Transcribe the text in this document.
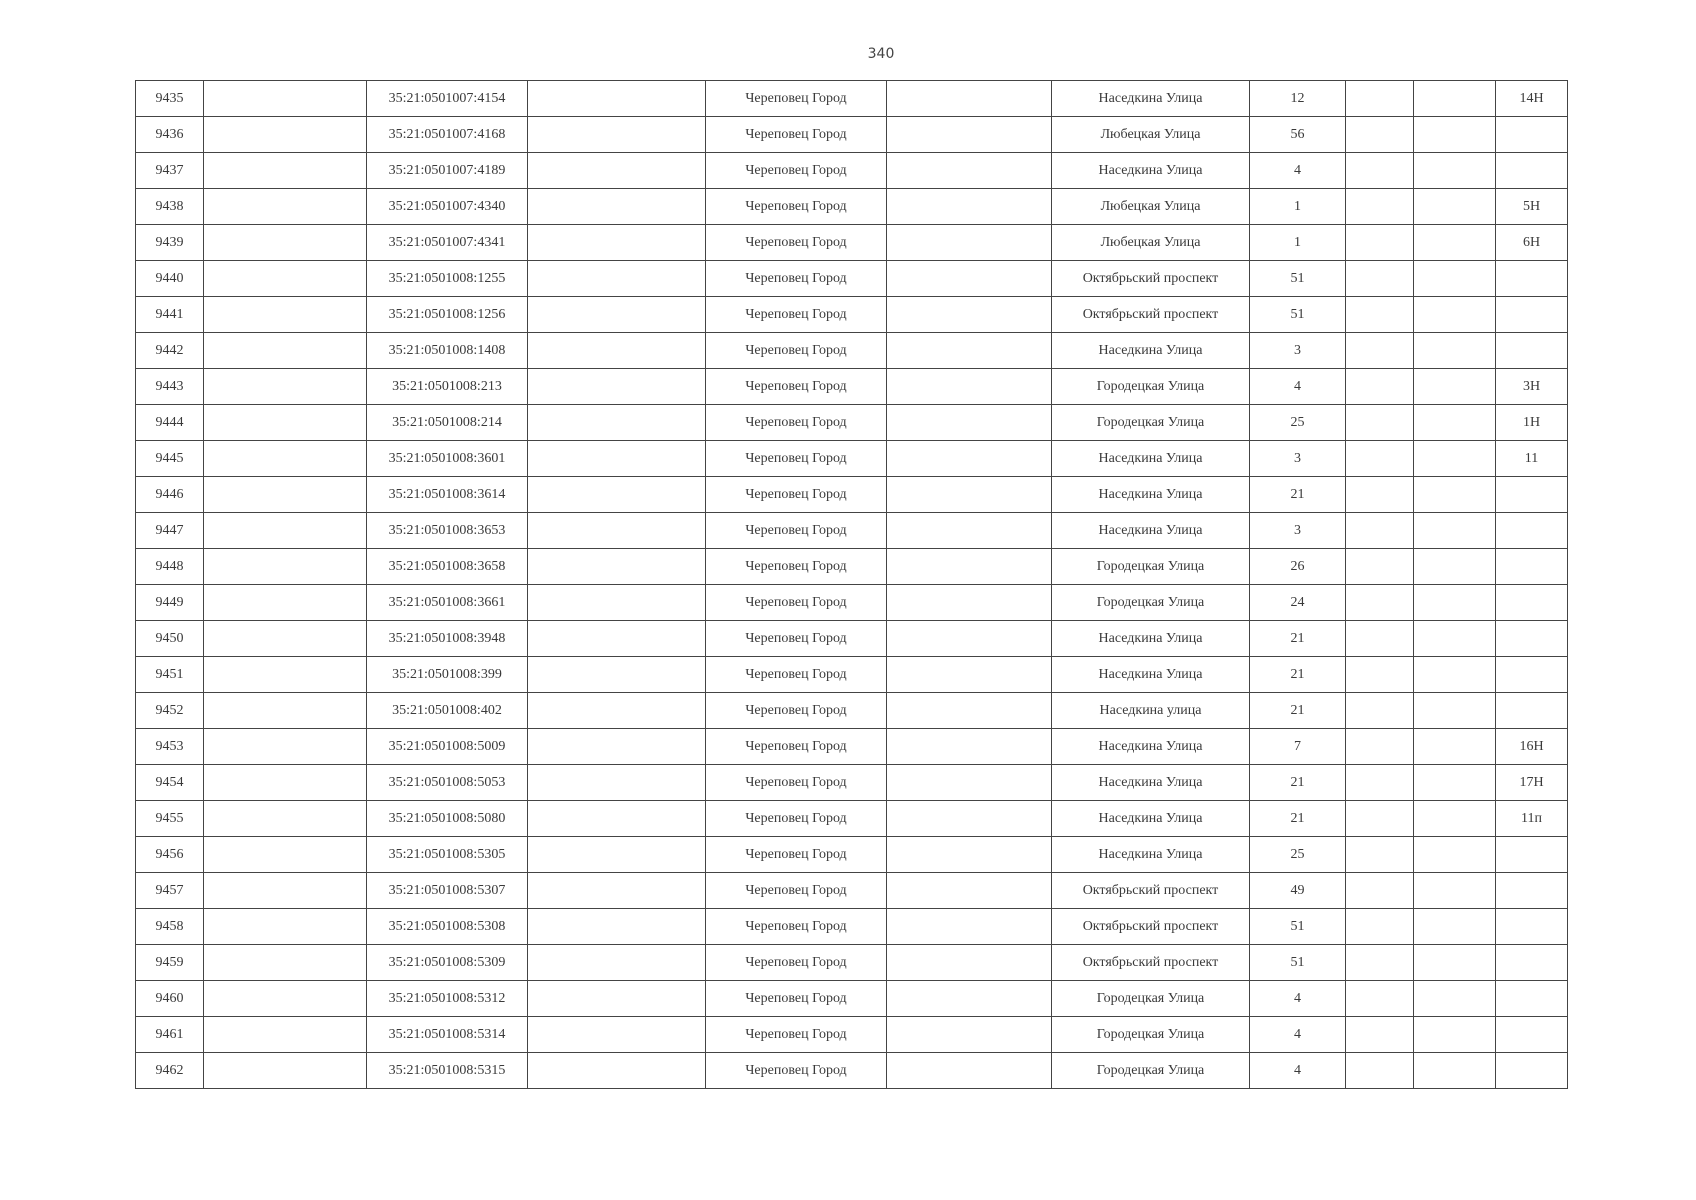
340
9435		35:21:0501007:4154		Череповец Город		Наседкина Улица	12			14Н
9436		35:21:0501007:4168		Череповец Город		Любецкая Улица	56			
9437		35:21:0501007:4189		Череповец Город		Наседкина Улица	4			
9438		35:21:0501007:4340		Череповец Город		Любецкая Улица	1			5Н
9439		35:21:0501007:4341		Череповец Город		Любецкая Улица	1			6Н
9440		35:21:0501008:1255		Череповец Город		Октябрьский проспект	51			
9441		35:21:0501008:1256		Череповец Город		Октябрьский проспект	51			
9442		35:21:0501008:1408		Череповец Город		Наседкина Улица	3			
9443		35:21:0501008:213		Череповец Город		Городецкая Улица	4			3Н
9444		35:21:0501008:214		Череповец Город		Городецкая Улица	25			1Н
9445		35:21:0501008:3601		Череповец Город		Наседкина Улица	3			11
9446		35:21:0501008:3614		Череповец Город		Наседкина Улица	21			
9447		35:21:0501008:3653		Череповец Город		Наседкина Улица	3			
9448		35:21:0501008:3658		Череповец Город		Городецкая Улица	26			
9449		35:21:0501008:3661		Череповец Город		Городецкая Улица	24			
9450		35:21:0501008:3948		Череповец Город		Наседкина Улица	21			
9451		35:21:0501008:399		Череповец Город		Наседкина Улица	21			
9452		35:21:0501008:402		Череповец Город		Наседкина улица	21			
9453		35:21:0501008:5009		Череповец Город		Наседкина Улица	7			16Н
9454		35:21:0501008:5053		Череповец Город		Наседкина Улица	21			17Н
9455		35:21:0501008:5080		Череповец Город		Наседкина Улица	21			11п
9456		35:21:0501008:5305		Череповец Город		Наседкина Улица	25			
9457		35:21:0501008:5307		Череповец Город		Октябрьский проспект	49			
9458		35:21:0501008:5308		Череповец Город		Октябрьский проспект	51			
9459		35:21:0501008:5309		Череповец Город		Октябрьский проспект	51			
9460		35:21:0501008:5312		Череповец Город		Городецкая Улица	4			
9461		35:21:0501008:5314		Череповец Город		Городецкая Улица	4			
9462		35:21:0501008:5315		Череповец Город		Городецкая Улица	4			
